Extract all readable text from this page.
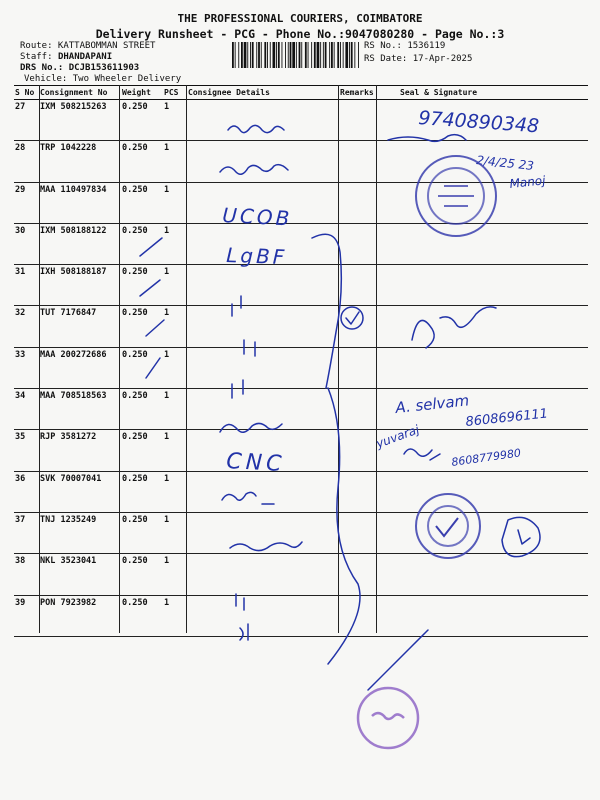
THE PROFESSIONAL COURIERS, COIMBATORE
Delivery Runsheet - PCG - Phone No.:9047080280 - Page No.:3
Route: KATTABOMMAN STREET
Staff: DHANDAPANI
DRS No.: DCJB153611903
Vehicle: Two Wheeler Delivery
RS No.: 1536119
RS Date: 17-Apr-2025
S No Consignment No Weight PCS Consignee Details	Remarks	Seal & Signature
27 IXM 508215263 0.250 1
28 TRP 1042228	0.250 1
29 MAA 110497834 0.250 1
30 IXM 508188122 0.250 1
31 IXH 508188187 0.250 1
32 TUT 7176847	0.250 1
33 MAA 200272686 0.250 1
34 MAA 708518563 0.250 1
35 RJP 3581272	0.250 1
36 SVK 70007041 0.250 1
37 TNJ 1235249	0.250 1
38 NKL 3523041	0.250 1
39 PON 7923982	0.250 1
9740890348
2/4/25 23
Manoj
UCOB
LgBF
A. selvam
8608696111
yuvaraj
8608779980
CNC
